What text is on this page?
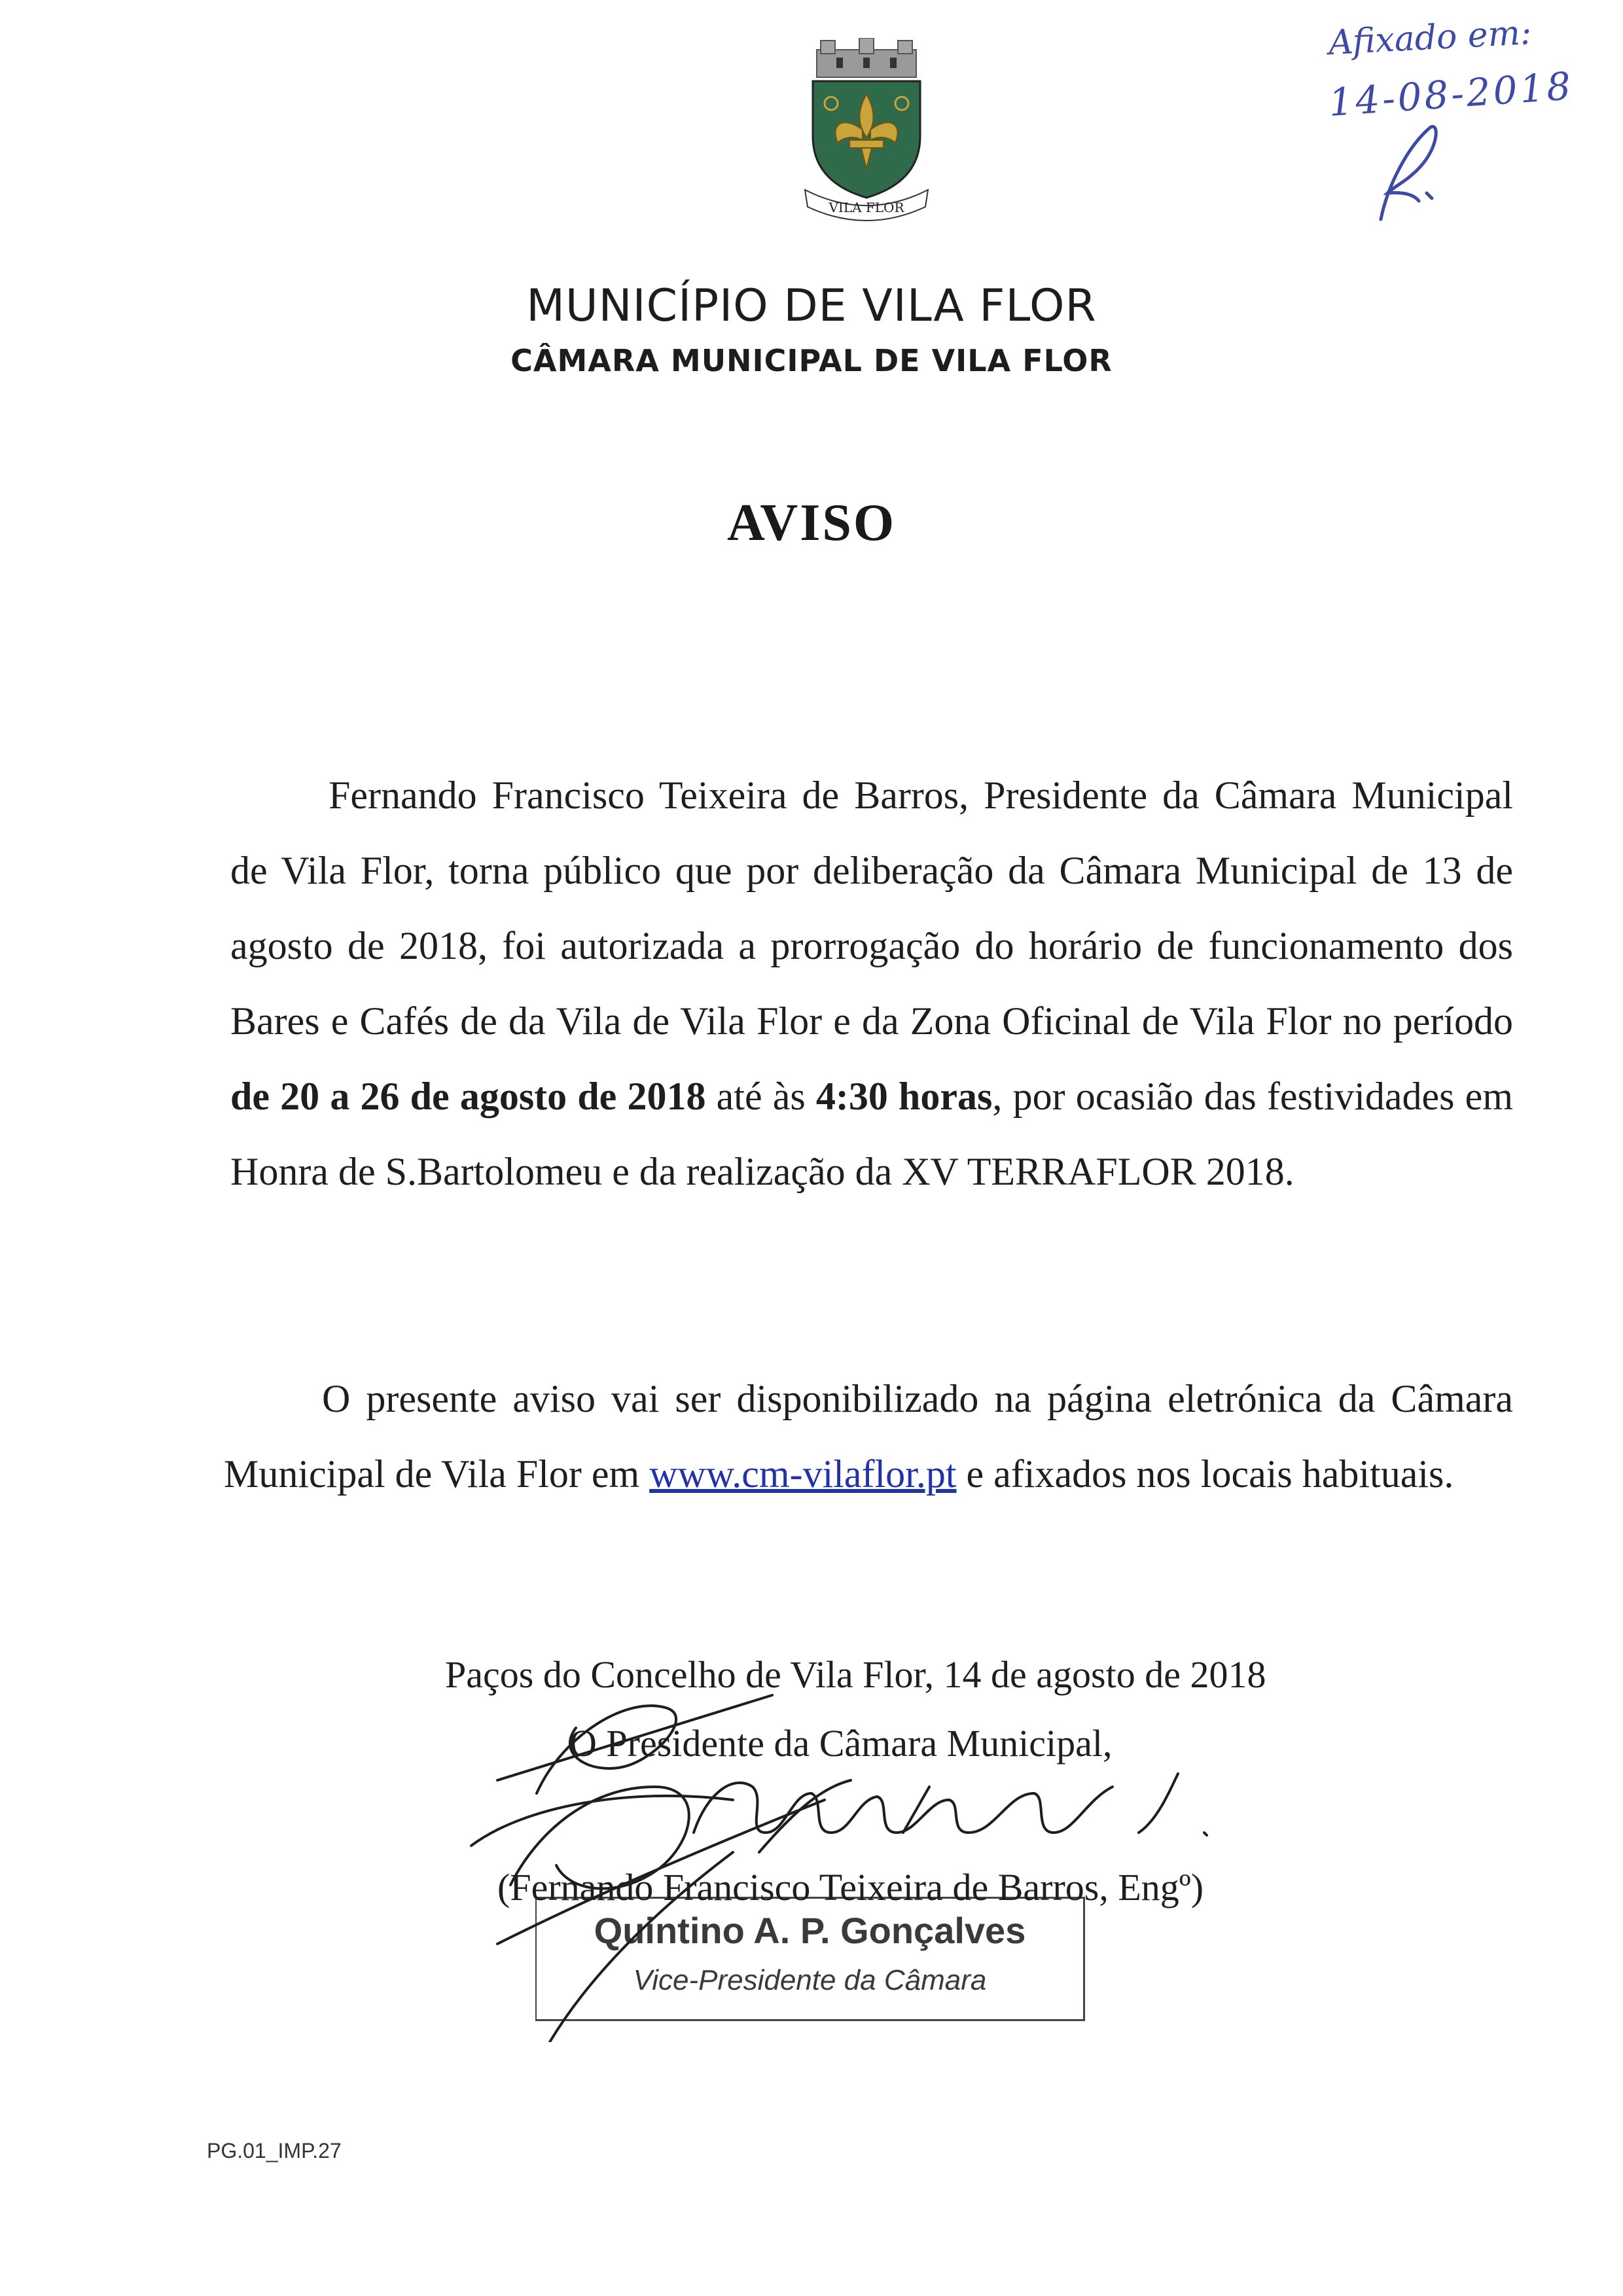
VILA FLOR
Afixado em:
14-08-2018
MUNICÍPIO DE VILA FLOR
CÂMARA MUNICIPAL DE VILA FLOR
AVISO
Fernando Francisco Teixeira de Barros, Presidente da Câmara Municipal de Vila Flor, torna público que por deliberação da Câmara Municipal de 13 de agosto de 2018, foi autorizada a prorrogação do horário de funcionamento dos Bares e Cafés de da Vila de Vila Flor e da Zona Oficinal de Vila Flor no período de 20 a 26 de agosto de 2018 até às 4:30 horas, por ocasião das festividades em Honra de S.Bartolomeu e da realização da XV TERRAFLOR 2018.
O presente aviso vai ser disponibilizado na página eletrónica da Câmara Municipal de Vila Flor em www.cm-vilaflor.pt e afixados nos locais habituais.
Paços do Concelho de Vila Flor, 14 de agosto de 2018
O Presidente da Câmara Municipal,
Quintino A. P. Gonçalves
Vice-Presidente da Câmara
(Fernando Francisco Teixeira de Barros, Engº)
PG.01_IMP.27
